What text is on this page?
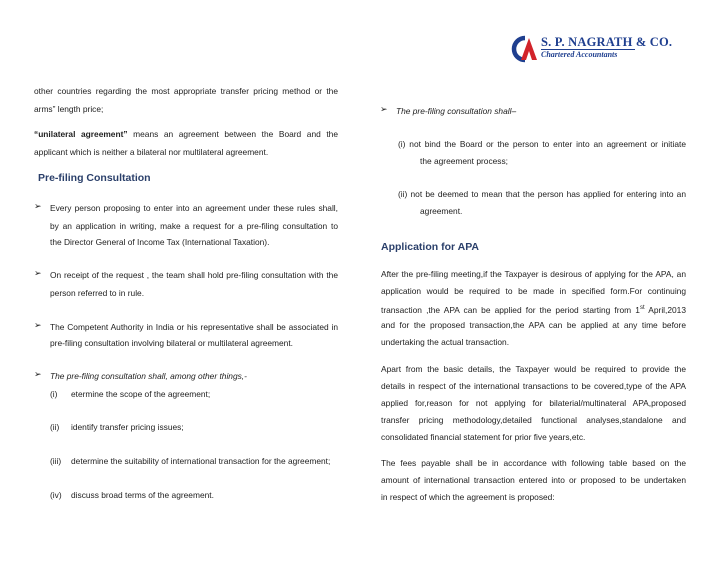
S. P. NAGRATH & CO.
Chartered Accountants
other countries regarding the most appropriate transfer pricing method or the
arms” length price;
“unilateral agreement” means an agreement between the Board and the
applicant which is neither a bilateral nor multilateral agreement.
Pre-filing Consultation
➢ Every person proposing to enter into an agreement under these rules shall,
by an application in writing, make a request for a pre-filing consultation to
the Director General of Income Tax (International Taxation).
➢ On receipt of the request , the team shall hold pre-filing consultation with the
person referred to in rule.
➢ The Competent Authority in India or his representative shall be associated in
pre-filing consultation involving bilateral or multilateral agreement.
➢ The pre-filing consultation shall, among other things,-
(i) etermine the scope of the agreement;
(ii) identify transfer pricing issues;
(iii) determine the suitability of international transaction for the agreement;
(iv) discuss broad terms of the agreement.
➢ The pre-filing consultation shall–
(i) not bind the Board or the person to enter into an agreement or initiate
the agreement process;
(ii) not be deemed to mean that the person has applied for entering into an
agreement.
Application for APA
After the pre-filing meeting,if the Taxpayer is desirous of applying for the APA, an
application would be required to be made in specified form.For continuing
transaction ,the APA can be applied for the period starting from 1st April,2013
and for the proposed transaction,the APA can be applied at any time before
undertaking the actual transaction.
Apart from the basic details, the Taxpayer would be required to provide the
details in respect of the international transactions to be covered,type of the APA
applied for,reason for not applying for bilaterial/multinateral APA,proposed
transfer pricing methodology,detailed functional analyses,standalone and
consolidated financial statement for prior five years,etc.
The fees payable shall be in accordance with following table based on the
amount of international transaction entered into or proposed to be undertaken
in respect of which the agreement is proposed:
